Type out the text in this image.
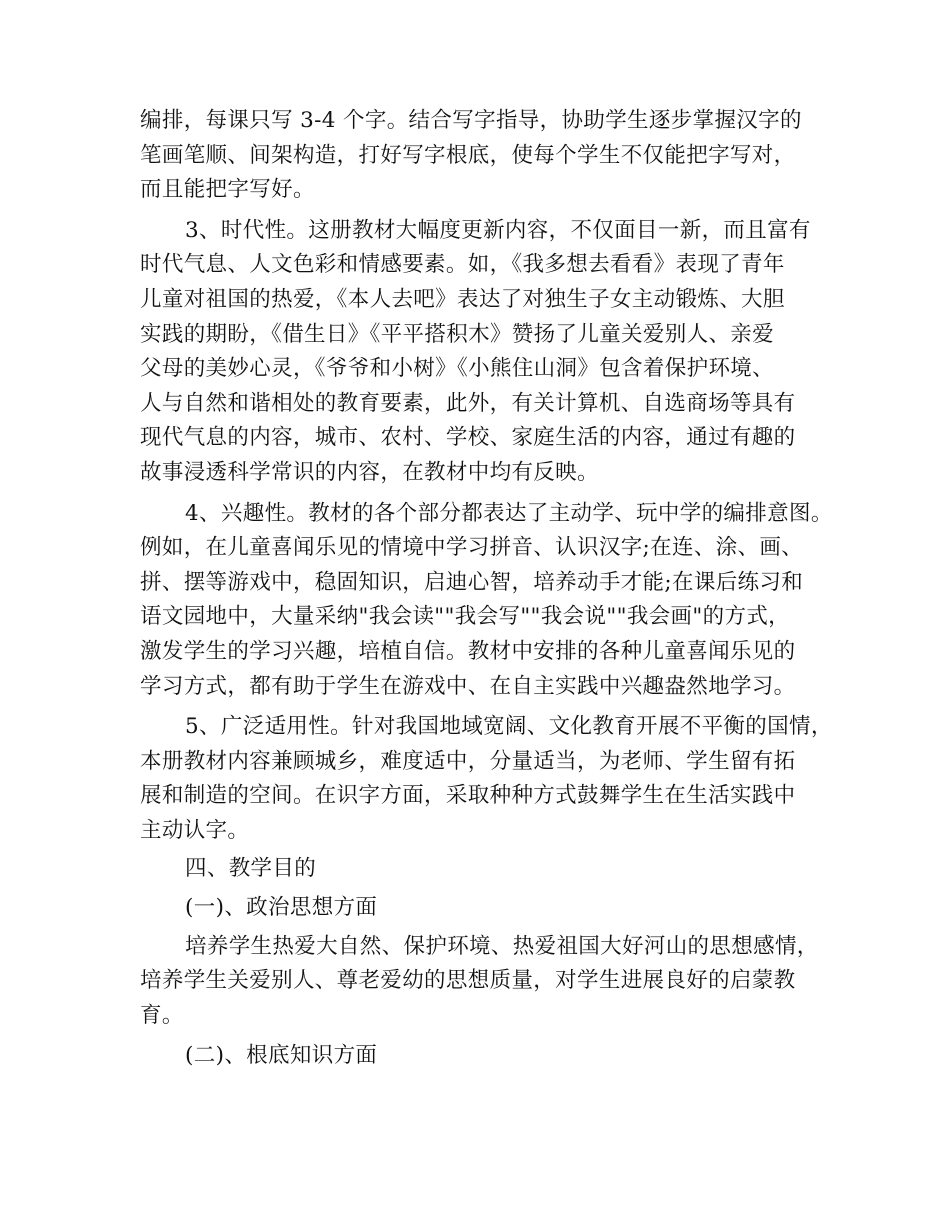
编排，每课只写 3-4 个字。结合写字指导，协助学生逐步掌握汉字的
笔画笔顺、间架构造，打好写字根底，使每个学生不仅能把字写对，
而且能把字写好。
3、时代性。这册教材大幅度更新内容，不仅面目一新，而且富有
时代气息、人文色彩和情感要素。如，《我多想去看看》表现了青年
儿童对祖国的热爱，《本人去吧》表达了对独生子女主动锻炼、大胆
实践的期盼，《借生日》《平平搭积木》赞扬了儿童关爱别人、亲爱
父母的美妙心灵，《爷爷和小树》《小熊住山洞》包含着保护环境、
人与自然和谐相处的教育要素，此外，有关计算机、自选商场等具有
现代气息的内容，城市、农村、学校、家庭生活的内容，通过有趣的
故事浸透科学常识的内容，在教材中均有反映。
4、兴趣性。教材的各个部分都表达了主动学、玩中学的编排意图。
例如，在儿童喜闻乐见的情境中学习拼音、认识汉字;在连、涂、画、
拼、摆等游戏中，稳固知识，启迪心智，培养动手才能;在课后练习和
语文园地中，大量采纳"我会读""我会写""我会说""我会画"的方式，
激发学生的学习兴趣，培植自信。教材中安排的各种儿童喜闻乐见的
学习方式，都有助于学生在游戏中、在自主实践中兴趣盎然地学习。
5、广泛适用性。针对我国地域宽阔、文化教育开展不平衡的国情，
本册教材内容兼顾城乡，难度适中，分量适当，为老师、学生留有拓
展和制造的空间。在识字方面，采取种种方式鼓舞学生在生活实践中
主动认字。
四、教学目的
(一)、政治思想方面
培养学生热爱大自然、保护环境、热爱祖国大好河山的思想感情，
培养学生关爱别人、尊老爱幼的思想质量，对学生进展良好的启蒙教
育。
(二)、根底知识方面
